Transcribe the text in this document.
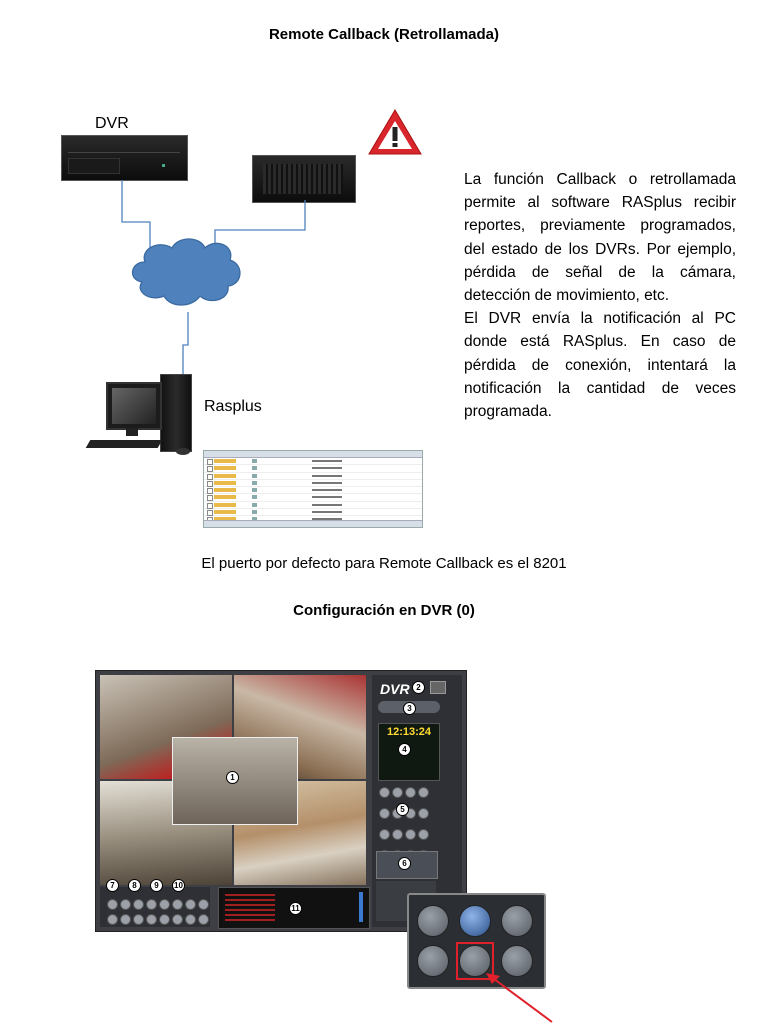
Remote Callback (Retrollamada)
DVR
Rasplus

La función Callback o retrollamada permite al software RASplus recibir reportes, previamente programados, del estado de los DVRs. Por ejemplo, pérdida de señal de la cámara, detección de movimiento, etc.

El DVR envía la notificación al PC donde está RASplus. En caso de pérdida de conexión, intentará la notificación la cantidad de veces programada.

El puerto por defecto para Remote Callback es el 8201
Configuración en DVR (0)
1
DVR 2
3
12:13:24
4
5
6
7	8	9	10
11
